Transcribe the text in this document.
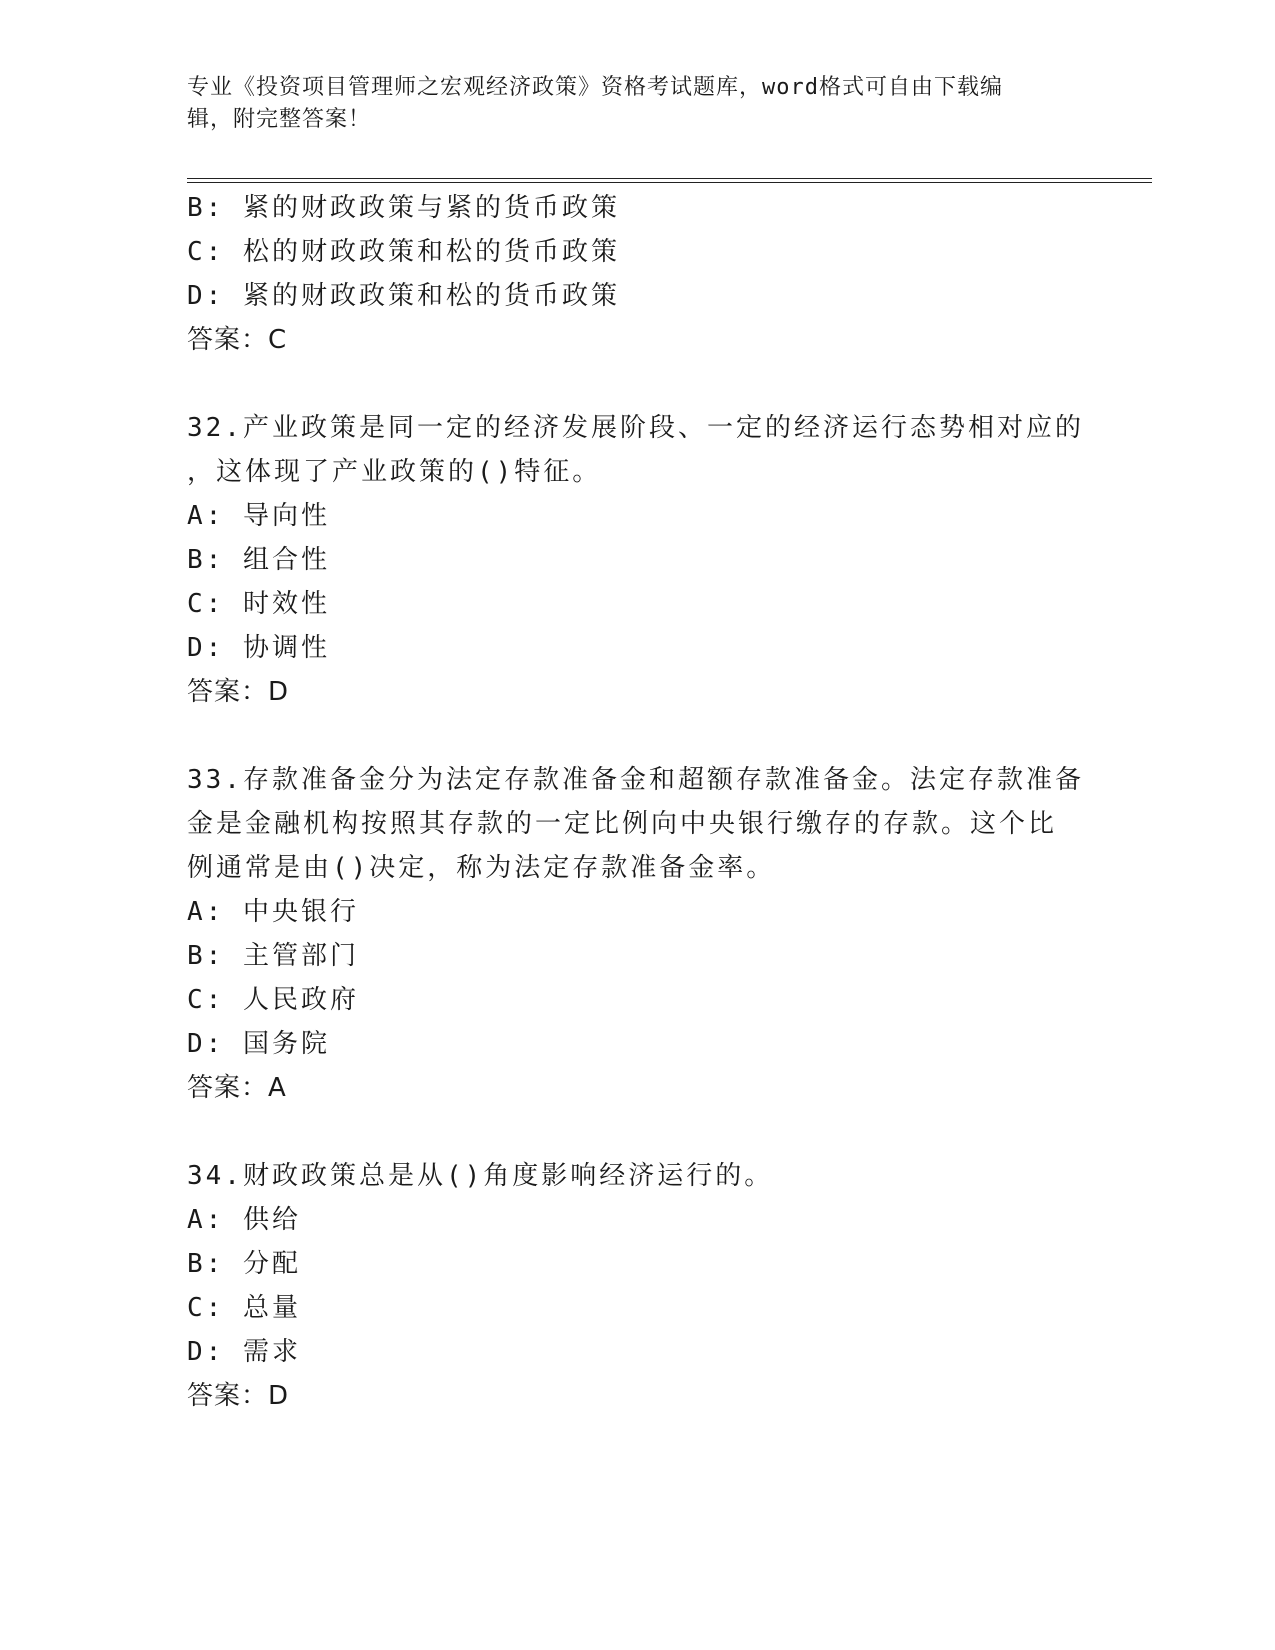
专业《投资项目管理师之宏观经济政策》资格考试题库，word格式可自由下载编
辑，附完整答案！
B: 紧的财政政策与紧的货币政策
C: 松的财政政策和松的货币政策
D: 紧的财政政策和松的货币政策
答案：C
32.产业政策是同一定的经济发展阶段、一定的经济运行态势相对应的
，这体现了产业政策的()特征。
A: 导向性
B: 组合性
C: 时效性
D: 协调性
答案：D
33.存款准备金分为法定存款准备金和超额存款准备金。法定存款准备
金是金融机构按照其存款的一定比例向中央银行缴存的存款。这个比
例通常是由()决定，称为法定存款准备金率。
A: 中央银行
B: 主管部门
C: 人民政府
D: 国务院
答案：A
34.财政政策总是从()角度影响经济运行的。
A: 供给
B: 分配
C: 总量
D: 需求
答案：D
